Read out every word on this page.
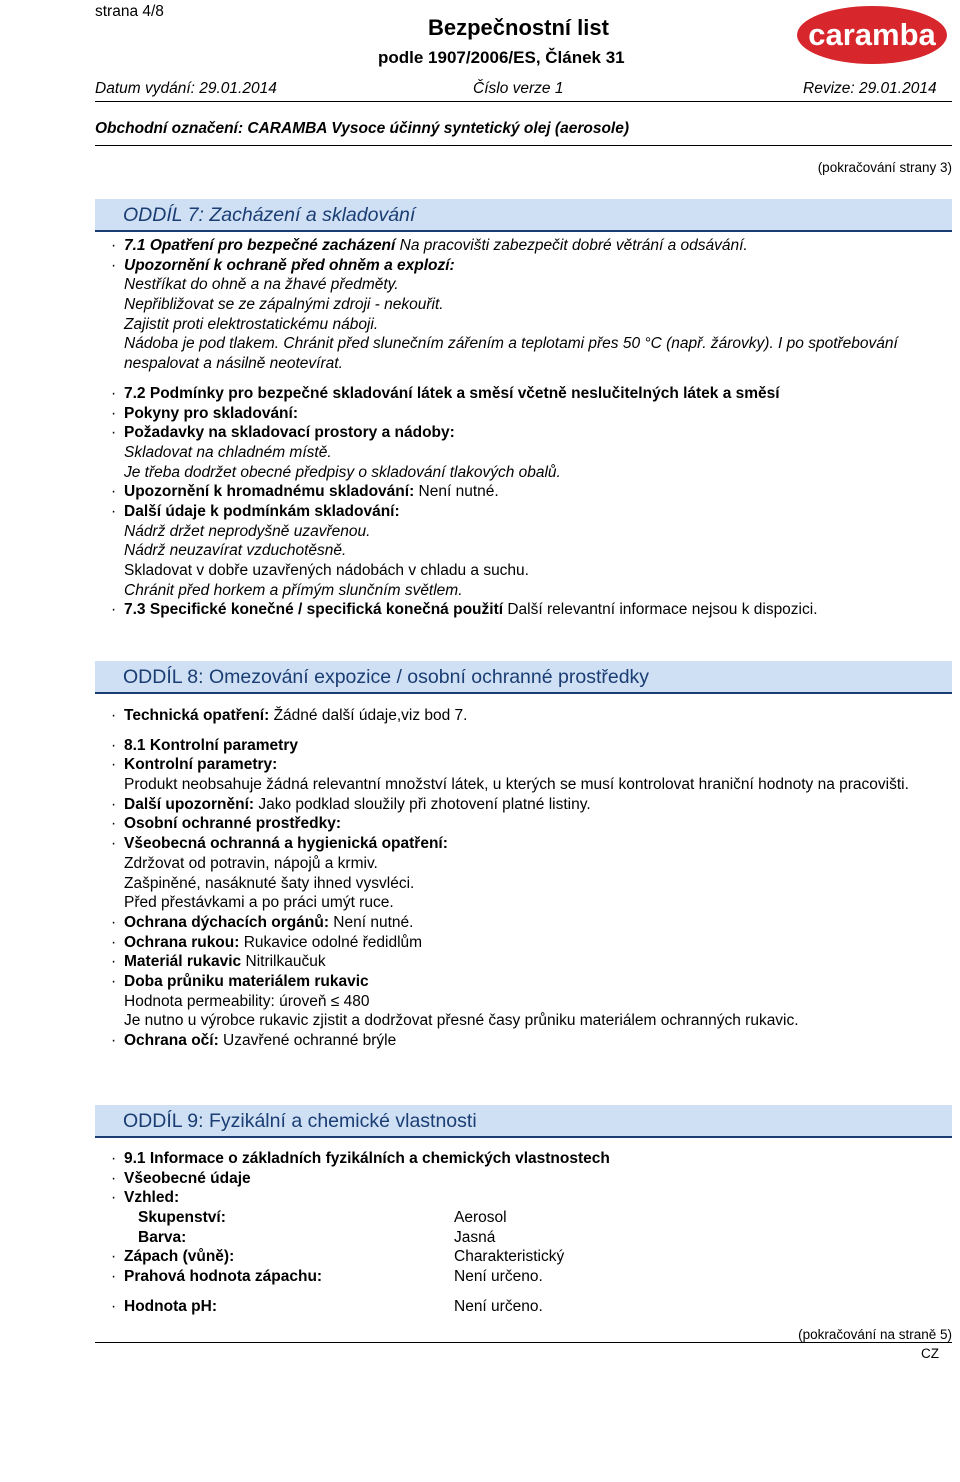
strana 4/8
Bezpečnostní list
podle 1907/2006/ES, Článek 31
caramba
Datum vydání: 29.01.2014	Číslo verze 1	Revize: 29.01.2014
Obchodní označení: CARAMBA Vysoce účinný syntetický olej (aerosole)
(pokračování strany 3)
ODDÍL 7: Zacházení a skladování
· 7.1 Opatření pro bezpečné zacházení Na pracovišti zabezpečit dobré větrání a odsávání.
· Upozornění k ochraně před ohněm a explozí:
Nestříkat do ohně a na žhavé předměty.
Nepřibližovat se ze zápalnými zdroji - nekouřit.
Zajistit proti elektrostatickému náboji.
Nádoba je pod tlakem. Chránit před slunečním zářením a teplotami přes 50 °C (např. žárovky). I po spotřebování nespalovat a násilně neotevírat.
· 7.2 Podmínky pro bezpečné skladování látek a směsí včetně neslučitelných látek a směsí
· Pokyny pro skladování:
· Požadavky na skladovací prostory a nádoby:
Skladovat na chladném místě.
Je třeba dodržet obecné předpisy o skladování tlakových obalů.
· Upozornění k hromadnému skladování: Není nutné.
· Další údaje k podmínkám skladování:
Nádrž držet neprodyšně uzavřenou.
Nádrž neuzavírat vzduchotěsně.
Skladovat v dobře uzavřených nádobách v chladu a suchu.
Chránit před horkem a přímým slunčním světlem.
· 7.3 Specifické konečné / specifická konečná použití Další relevantní informace nejsou k dispozici.
ODDÍL 8: Omezování expozice / osobní ochranné prostředky
· Technická opatření: Žádné další údaje,viz bod 7.
· 8.1 Kontrolní parametry
· Kontrolní parametry:
Produkt neobsahuje žádná relevantní množství látek, u kterých se musí kontrolovat hraniční hodnoty na pracovišti.
· Další upozornění: Jako podklad sloužily při zhotovení platné listiny.
· Osobní ochranné prostředky:
· Všeobecná ochranná a hygienická opatření:
Zdržovat od potravin, nápojů a krmiv.
Zašpiněné, nasáknuté šaty ihned vysvléci.
Před přestávkami a po práci umýt ruce.
· Ochrana dýchacích orgánů: Není nutné.
· Ochrana rukou: Rukavice odolné ředidlům
· Materiál rukavic Nitrilkaučuk
· Doba průniku materiálem rukavic
Hodnota permeability: úroveň ≤ 480
Je nutno u výrobce rukavic zjistit a dodržovat přesné časy průniku materiálem ochranných rukavic.
· Ochrana očí: Uzavřené ochranné brýle
ODDÍL 9: Fyzikální a chemické vlastnosti
· 9.1 Informace o základních fyzikálních a chemických vlastnostech
· Všeobecné údaje
· Vzhled:
Skupenství:	Aerosol
Barva:	Jasná
· Zápach (vůně):	Charakteristický
· Prahová hodnota zápachu:	Není určeno.
· Hodnota pH:	Není určeno.
(pokračování na straně 5)
CZ
